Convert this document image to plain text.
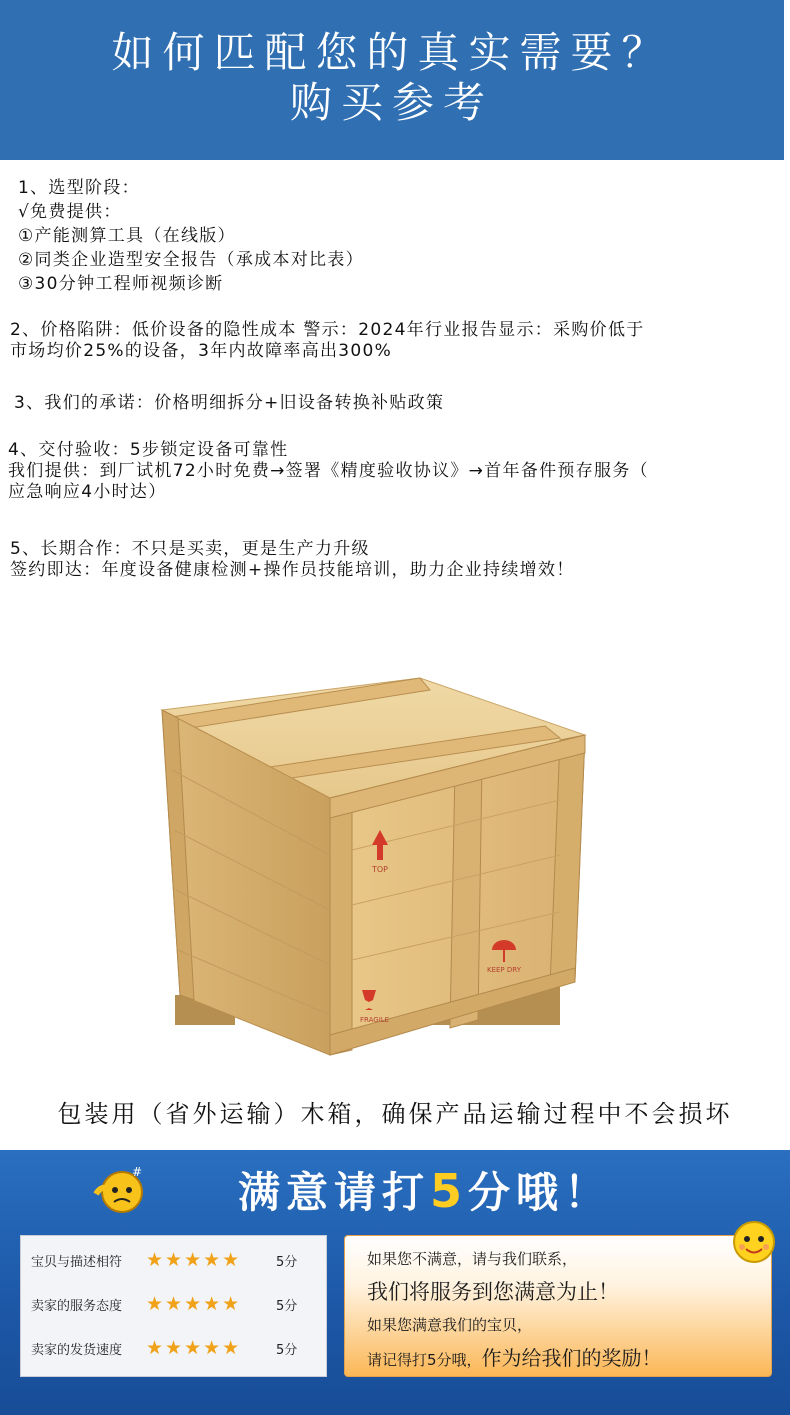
如何匹配您的真实需要？
购买参考
1、选型阶段：
√免费提供：
①产能测算工具（在线版）
②同类企业造型安全报告（承成本对比表）
③30分钟工程师视频诊断
2、价格陷阱：低价设备的隐性成本 警示：2024年行业报告显示：采购价低于
市场均价25%的设备，3年内故障率高出300%
3、我们的承诺：价格明细拆分+旧设备转换补贴政策
4、交付验收：5步锁定设备可靠性
我们提供：到厂试机72小时免费→签署《精度验收协议》→首年备件预存服务（
应急响应4小时达）
5、长期合作：不只是买卖，更是生产力升级
签约即达：年度设备健康检测+操作员技能培训，助力企业持续增效！
TOP
KEEP DRY
FRAGILE
包装用（省外运输）木箱，确保产品运输过程中不会损坏
#	满意请打5分哦！
宝贝与描述相符	★★★★★	5分
卖家的服务态度	★★★★★	5分
卖家的发货速度	★★★★★	5分
如果您不满意，请与我们联系，
我们将服务到您满意为止！
如果您满意我们的宝贝，
请记得打5分哦，作为给我们的奖励！
